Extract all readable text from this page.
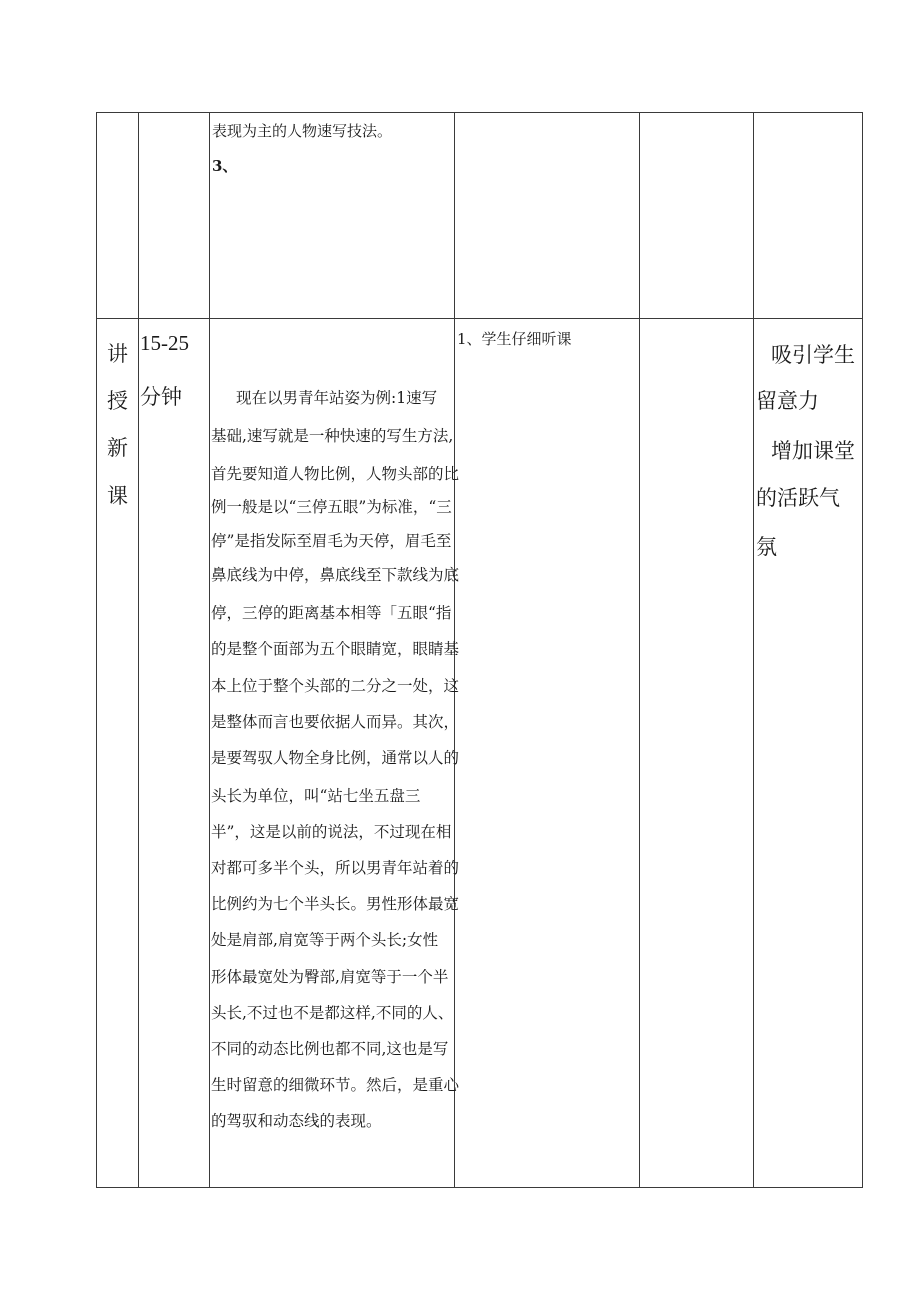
表现为主的人物速写技法。
3、
讲
授
新
课
15-25
分钟	现在以男青年站姿为例:1速写
基础,速写就是一种快速的写生方法,
首先要知道人物比例，人物头部的比
例一般是以“三停五眼”为标准，“三
停”是指发际至眉毛为天停，眉毛至
鼻底线为中停，鼻底线至下款线为底
停，三停的距离基本相等「五眼“指
的是整个面部为五个眼睛宽，眼睛基
本上位于整个头部的二分之一处，这
是整体而言也要依据人而异。其次，
是要驾驭人物全身比例，通常以人的
头长为单位，叫“站七坐五盘三
半”，这是以前的说法，不过现在相
对都可多半个头，所以男青年站着的
比例约为七个半头长。男性形体最宽
处是肩部,肩宽等于两个头长;女性
形体最宽处为臀部,肩宽等于一个半
头长,不过也不是都这样,不同的人、
不同的动态比例也都不同,这也是写
生时留意的细微环节。然后，是重心
的驾驭和动态线的表现。
1、学生仔细听课
吸引学生
留意力
增加课堂
的活跃气
氛
